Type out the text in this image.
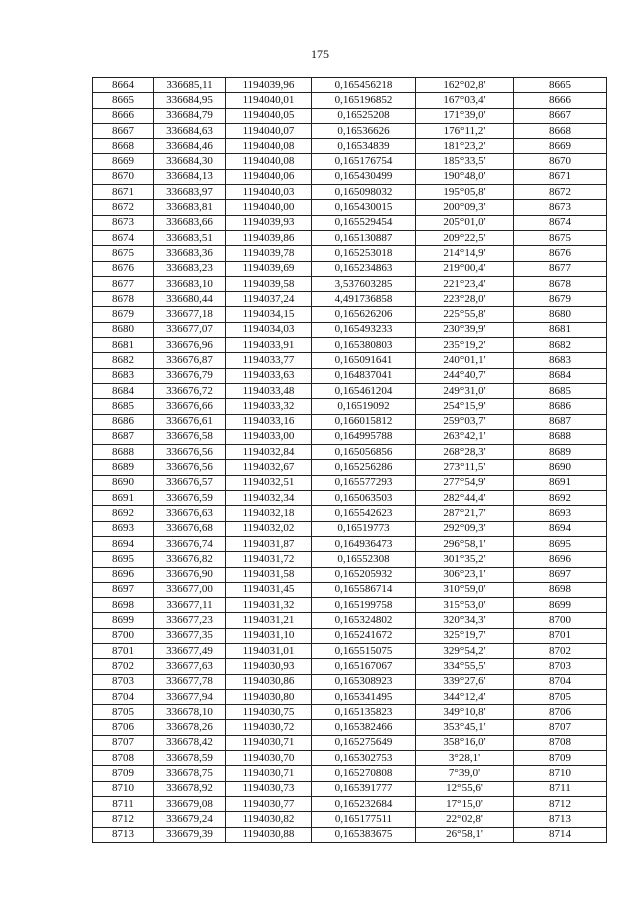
175
8664	336685,11	1194039,96	0,165456218	162°02,8'	8665
8665	336684,95	1194040,01	0,165196852	167°03,4'	8666
8666	336684,79	1194040,05	0,16525208	171°39,0'	8667
8667	336684,63	1194040,07	0,16536626	176°11,2'	8668
8668	336684,46	1194040,08	0,16534839	181°23,2'	8669
8669	336684,30	1194040,08	0,165176754	185°33,5'	8670
8670	336684,13	1194040,06	0,165430499	190°48,0'	8671
8671	336683,97	1194040,03	0,165098032	195°05,8'	8672
8672	336683,81	1194040,00	0,165430015	200°09,3'	8673
8673	336683,66	1194039,93	0,165529454	205°01,0'	8674
8674	336683,51	1194039,86	0,165130887	209°22,5'	8675
8675	336683,36	1194039,78	0,165253018	214°14,9'	8676
8676	336683,23	1194039,69	0,165234863	219°00,4'	8677
8677	336683,10	1194039,58	3,537603285	221°23,4'	8678
8678	336680,44	1194037,24	4,491736858	223°28,0'	8679
8679	336677,18	1194034,15	0,165626206	225°55,8'	8680
8680	336677,07	1194034,03	0,165493233	230°39,9'	8681
8681	336676,96	1194033,91	0,165380803	235°19,2'	8682
8682	336676,87	1194033,77	0,165091641	240°01,1'	8683
8683	336676,79	1194033,63	0,164837041	244°40,7'	8684
8684	336676,72	1194033,48	0,165461204	249°31,0'	8685
8685	336676,66	1194033,32	0,16519092	254°15,9'	8686
8686	336676,61	1194033,16	0,166015812	259°03,7'	8687
8687	336676,58	1194033,00	0,164995788	263°42,1'	8688
8688	336676,56	1194032,84	0,165056856	268°28,3'	8689
8689	336676,56	1194032,67	0,165256286	273°11,5'	8690
8690	336676,57	1194032,51	0,165577293	277°54,9'	8691
8691	336676,59	1194032,34	0,165063503	282°44,4'	8692
8692	336676,63	1194032,18	0,165542623	287°21,7'	8693
8693	336676,68	1194032,02	0,16519773	292°09,3'	8694
8694	336676,74	1194031,87	0,164936473	296°58,1'	8695
8695	336676,82	1194031,72	0,16552308	301°35,2'	8696
8696	336676,90	1194031,58	0,165205932	306°23,1'	8697
8697	336677,00	1194031,45	0,165586714	310°59,0'	8698
8698	336677,11	1194031,32	0,165199758	315°53,0'	8699
8699	336677,23	1194031,21	0,165324802	320°34,3'	8700
8700	336677,35	1194031,10	0,165241672	325°19,7'	8701
8701	336677,49	1194031,01	0,165515075	329°54,2'	8702
8702	336677,63	1194030,93	0,165167067	334°55,5'	8703
8703	336677,78	1194030,86	0,165308923	339°27,6'	8704
8704	336677,94	1194030,80	0,165341495	344°12,4'	8705
8705	336678,10	1194030,75	0,165135823	349°10,8'	8706
8706	336678,26	1194030,72	0,165382466	353°45,1'	8707
8707	336678,42	1194030,71	0,165275649	358°16,0'	8708
8708	336678,59	1194030,70	0,165302753	3°28,1'	8709
8709	336678,75	1194030,71	0,165270808	7°39,0'	8710
8710	336678,92	1194030,73	0,165391777	12°55,6'	8711
8711	336679,08	1194030,77	0,165232684	17°15,0'	8712
8712	336679,24	1194030,82	0,165177511	22°02,8'	8713
8713	336679,39	1194030,88	0,165383675	26°58,1'	8714
